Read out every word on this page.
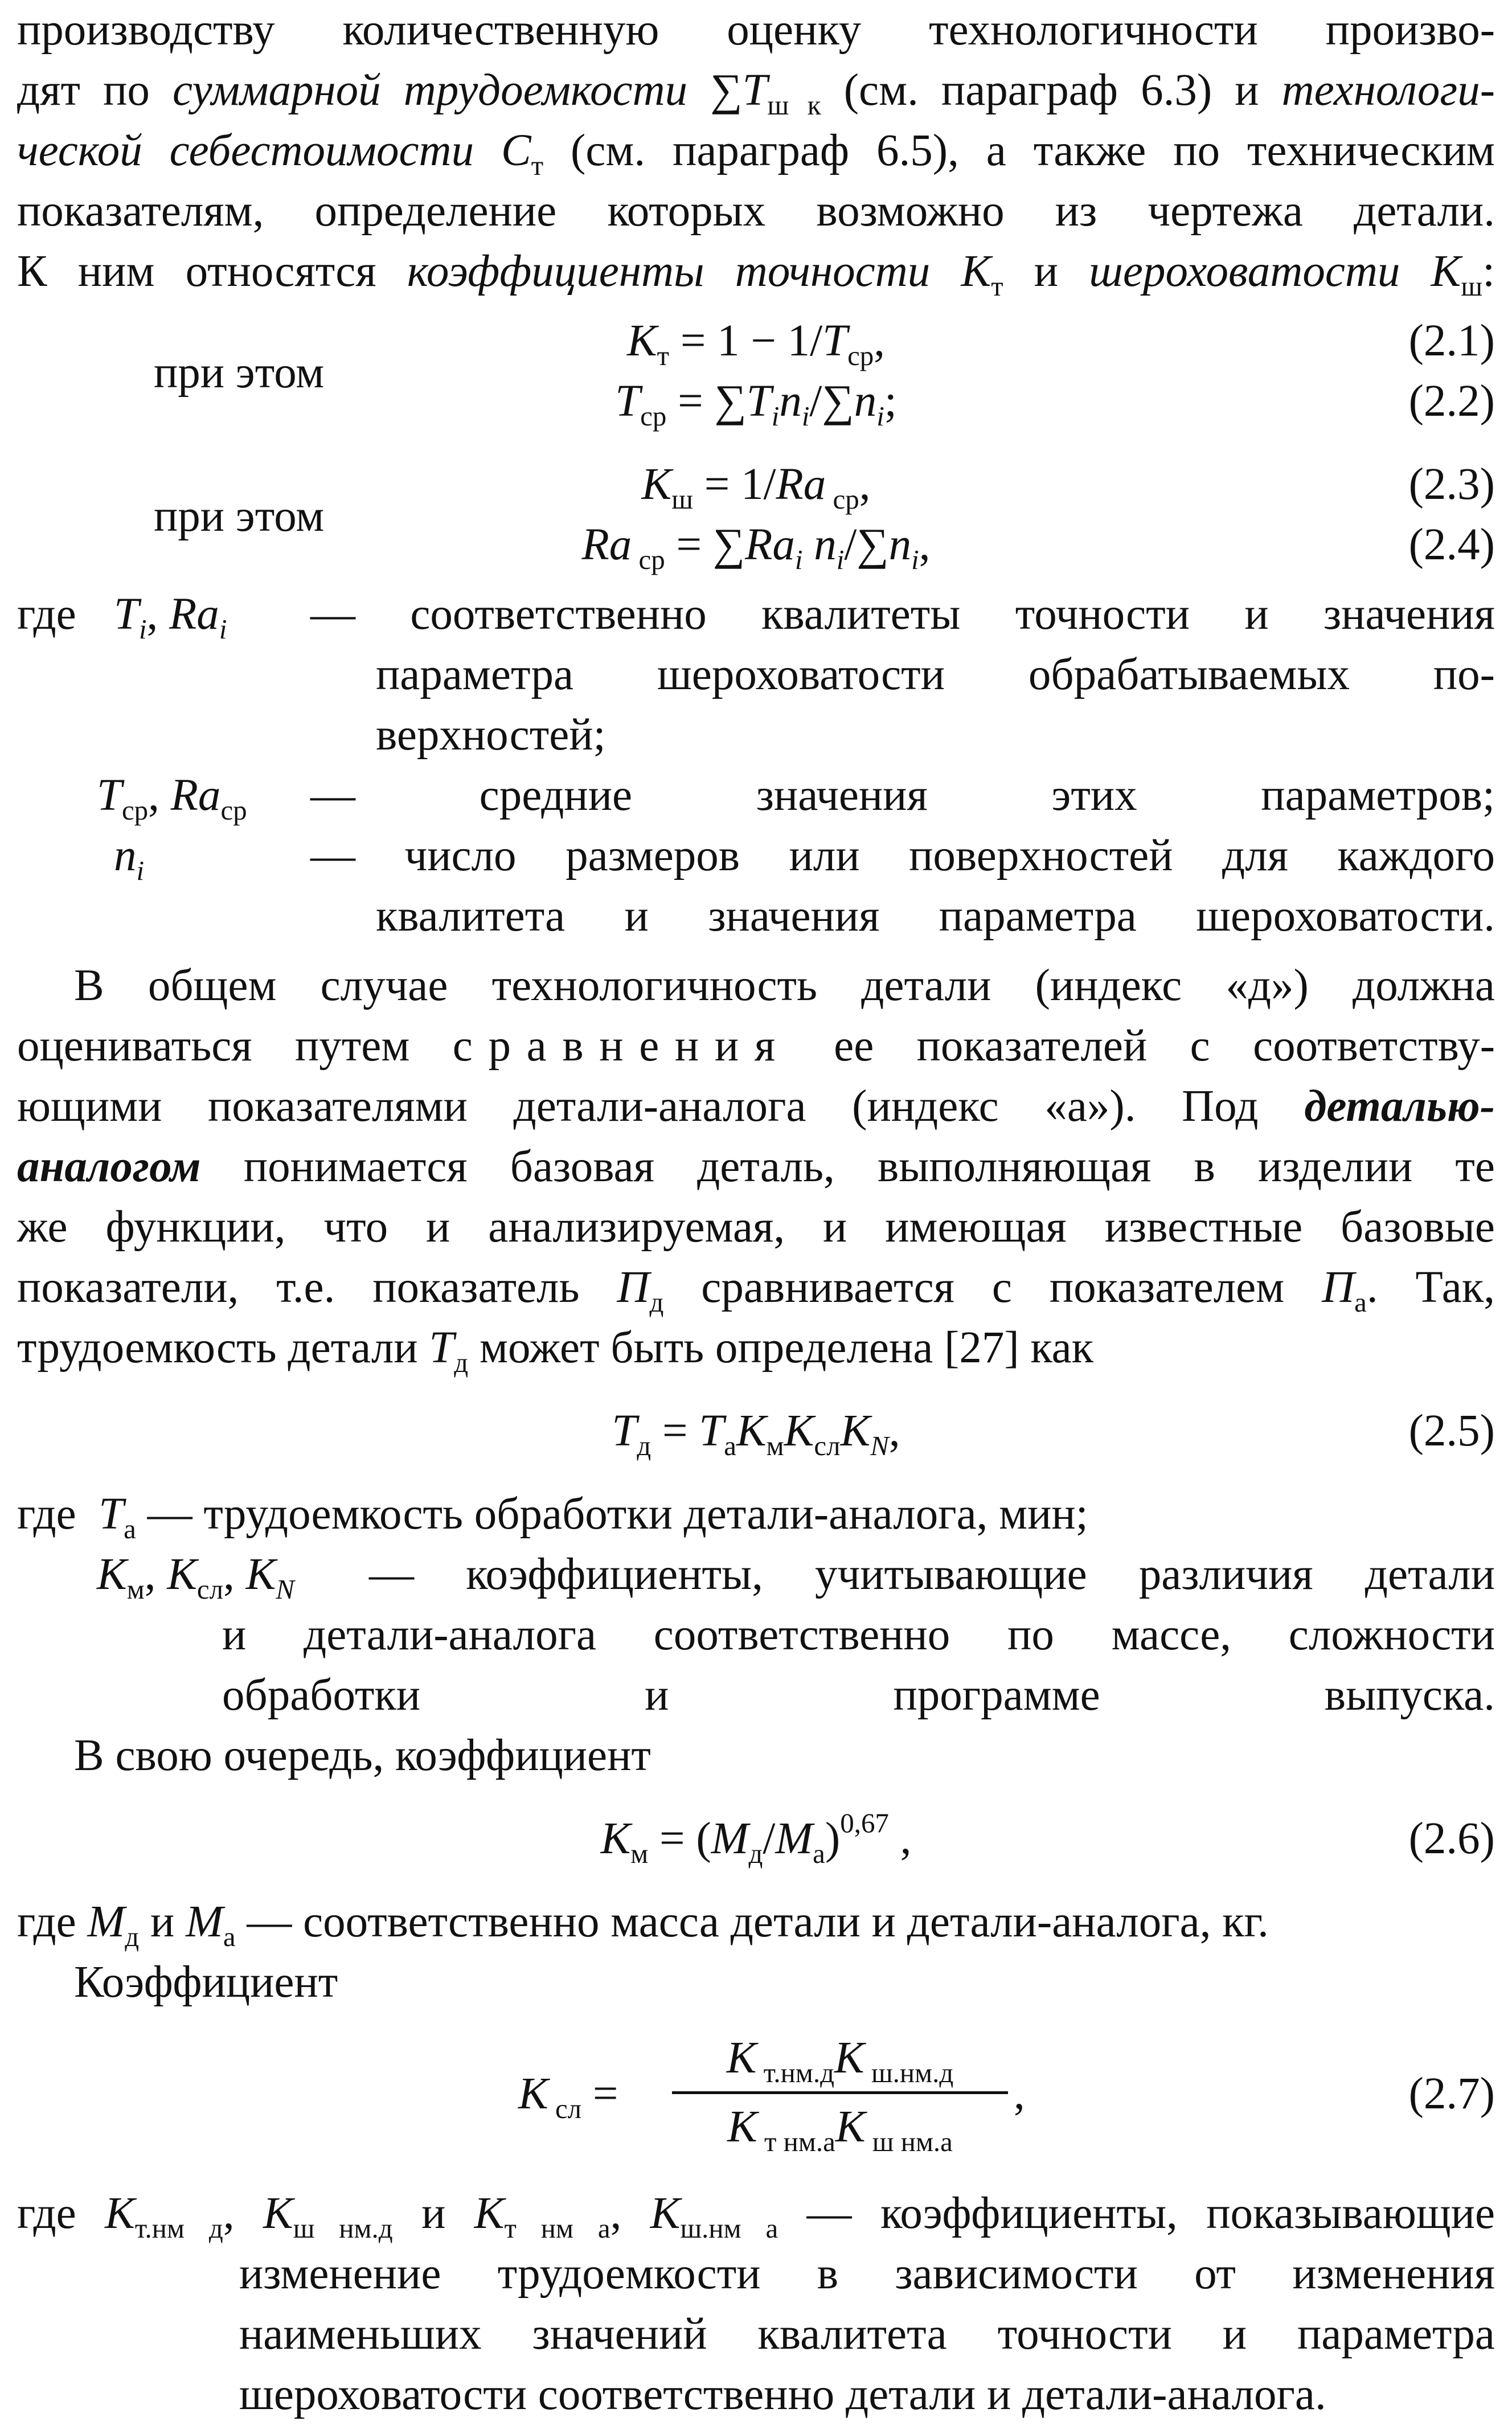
производству количественную оценку технологичности произво-
дят по суммарной трудоемкости $\sum T_{ш к}$ (см. параграф 6.3) и технологи-
ческой себестоимости $C_т$ (см. параграф 6.5), а также по техническим
показателям, определение которых возможно из чертежа детали.
К ним относятся коэффициенты точности $K_т$ и шероховатости $K_ш$:
$K_т = 1 - 1/T_{ср}$,	(2.1)
при этом
$T_{ср} = \sum T_in_i/\sum n_i$;	(2.2)
$K_ш = 1/Ra$ $_{ср}$,	(2.3)
при этом
Ra $_{ср} = \sum Ra_i$ $n_i/\sum n_i$,	(2.4)
где $T_i$, $Ra_i$ — соответственно квалитеты точности и значения
параметра шероховатости обрабатываемых по-
верхностей;
$T_{ср}$, $Ra_{ср}$ — средние значения этих параметров;
$n_i$	— число размеров или поверхностей для каждого
квалитета и значения параметра шероховатости.
В общем случае технологичность детали (индекс «д») должна
оцениваться путем сравнения ее показателей с соответству-
ющими показателями детали-аналога (индекс «а»). Под деталью-
аналогом понимается базовая деталь, выполняющая в изделии те
же функции, что и анализируемая, и имеющая известные базовые
показатели, т.е. показатель $П_д$ сравнивается с показателем $П_а$. Так,
трудоемкость детали $T_д$ может быть определена [27] как
$T_д = T_аK_мK_{сл}K_N$,	(2.5)
где $T_а$ — трудоемкость обработки детали-аналога, мин;
$K_м$, $K_{сл}$, $K_N$ — коэффициенты, учитывающие различия детали
и детали-аналога соответственно по массе, сложности
обработки и программе выпуска.
В свою очередь, коэффициент
$K_м = (M_д/M_а)^{0,67}$ ,	(2.6)
где $M_д$ и $M_а$ — соответственно масса детали и детали-аналога, кг.
Коэффициент
K $_{сл}$ =
K $_{т.нм.д}$K $_{ш.нм.д}$
K $_{т нм.а}$K $_{ш нм.а}$
,	(2.7)
где $K_{т.нм д}$, $K_{ш нм.д}$ и $K_{т нм а}$, $K_{ш.нм а}$ — коэффициенты, показывающие
изменение трудоемкости в зависимости от изменения
наименьших значений квалитета точности и параметра
шероховатости соответственно детали и детали-аналога.
